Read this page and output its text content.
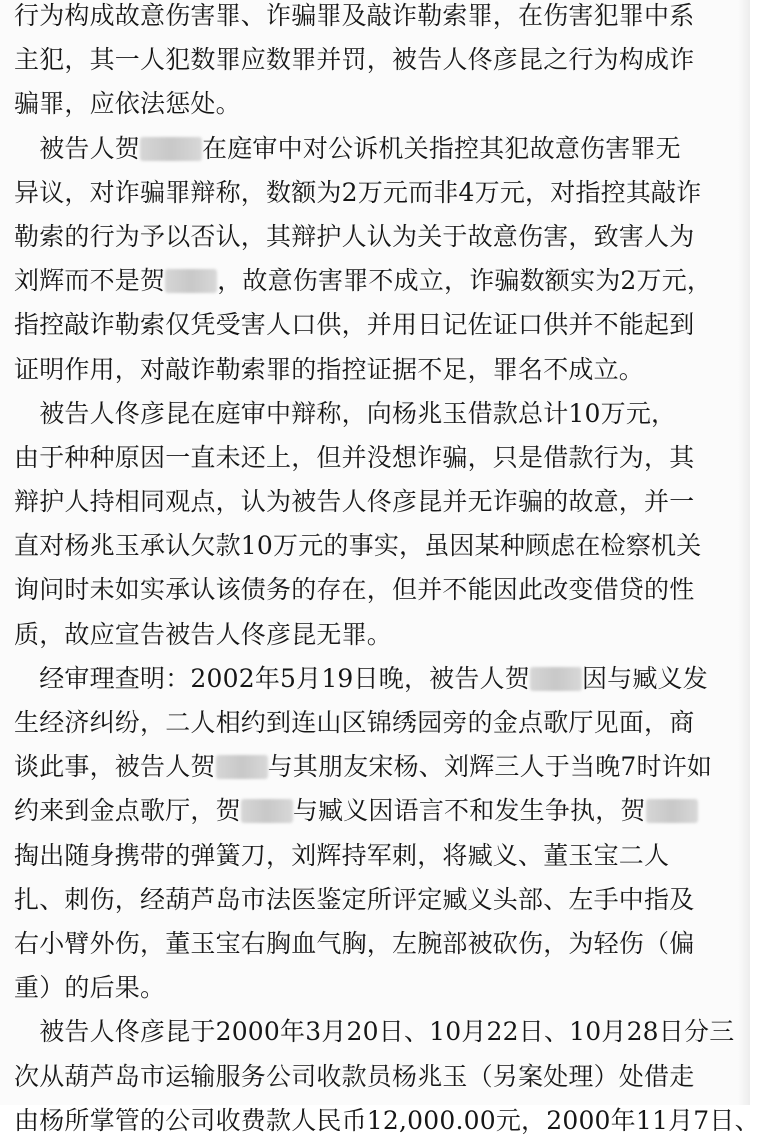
行为构成故意伤害罪、诈骗罪及敲诈勒索罪，在伤害犯罪中系
主犯，其一人犯数罪应数罪并罚，被告人佟彦昆之行为构成诈
骗罪，应依法惩处。
　被告人贺 在庭审中对公诉机关指控其犯故意伤害罪无
异议，对诈骗罪辩称，数额为2万元而非4万元，对指控其敲诈
勒索的行为予以否认，其辩护人认为关于故意伤害，致害人为
刘辉而不是贺 ，故意伤害罪不成立，诈骗数额实为2万元，
指控敲诈勒索仅凭受害人口供，并用日记佐证口供并不能起到
证明作用，对敲诈勒索罪的指控证据不足，罪名不成立。
　被告人佟彦昆在庭审中辩称，向杨兆玉借款总计10万元，
由于种种原因一直未还上，但并没想诈骗，只是借款行为，其
辩护人持相同观点，认为被告人佟彦昆并无诈骗的故意，并一
直对杨兆玉承认欠款10万元的事实，虽因某种顾虑在检察机关
询问时未如实承认该债务的存在，但并不能因此改变借贷的性
质，故应宣告被告人佟彦昆无罪。
　经审理查明：2002年5月19日晚，被告人贺 因与臧义发
生经济纠纷，二人相约到连山区锦绣园旁的金点歌厅见面，商
谈此事，被告人贺 与其朋友宋杨、刘辉三人于当晚7时许如
约来到金点歌厅，贺 与臧义因语言不和发生争执，贺
掏出随身携带的弹簧刀，刘辉持军刺，将臧义、董玉宝二人
扎、刺伤，经葫芦岛市法医鉴定所评定臧义头部、左手中指及
右小臂外伤，董玉宝右胸血气胸，左腕部被砍伤，为轻伤（偏
重）的后果。
　被告人佟彦昆于2000年3月20日、10月22日、10月28日分三
次从葫芦岛市运输服务公司收款员杨兆玉（另案处理）处借走
由杨所掌管的公司收费款人民币12,000.00元，2000年11月7日、
